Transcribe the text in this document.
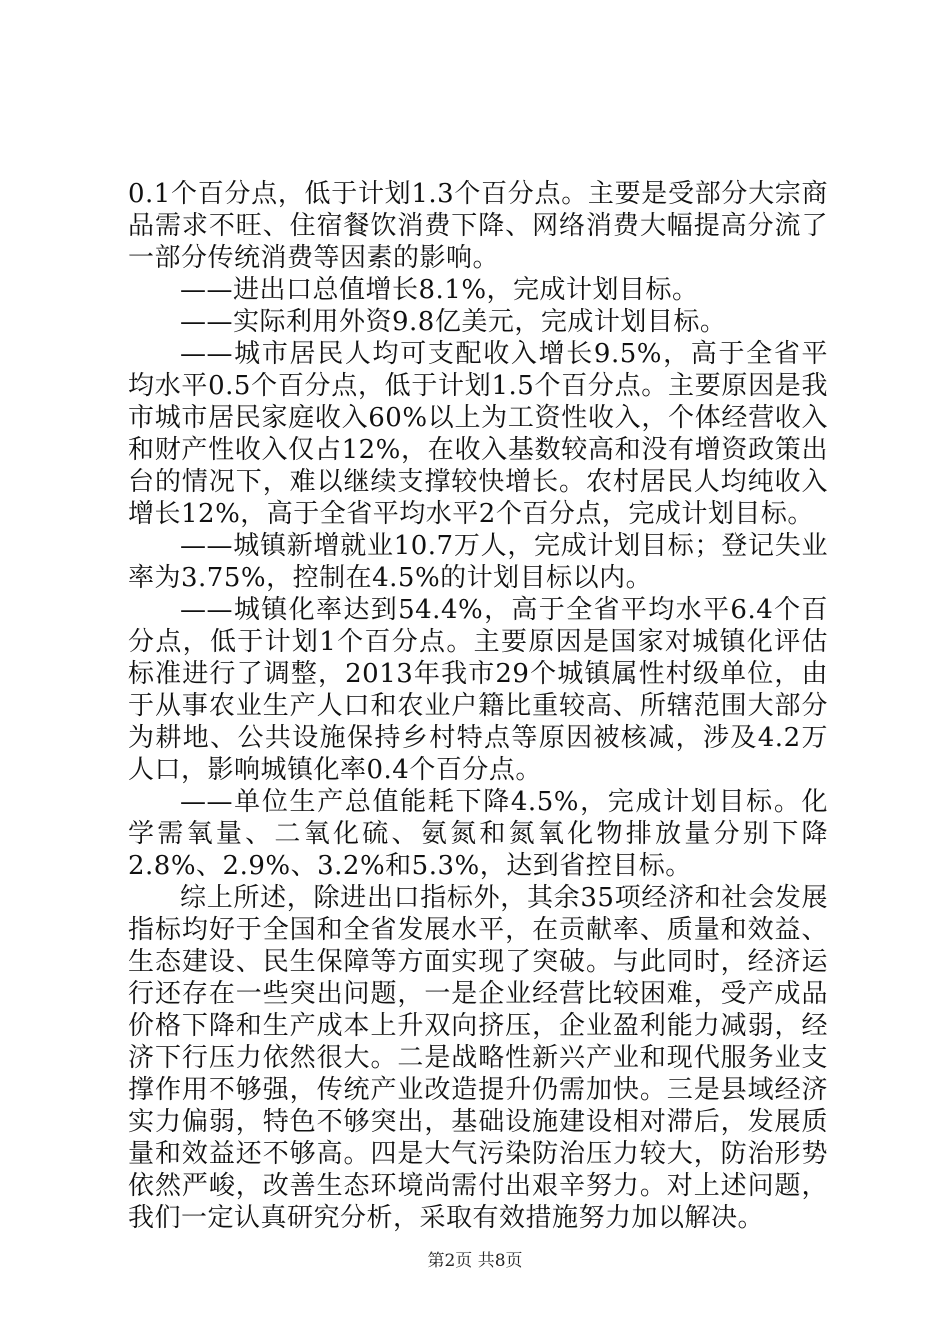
0.1个百分点，低于计划1.3个百分点。主要是受部分大宗商品需求不旺、住宿餐饮消费下降、网络消费大幅提高分流了一部分传统消费等因素的影响。

——进出口总值增长8.1%，完成计划目标。

——实际利用外资9.8亿美元，完成计划目标。

——城市居民人均可支配收入增长9.5%，高于全省平均水平0.5个百分点，低于计划1.5个百分点。主要原因是我市城市居民家庭收入60%以上为工资性收入，个体经营收入和财产性收入仅占12%，在收入基数较高和没有增资政策出台的情况下，难以继续支撑较快增长。农村居民人均纯收入增长12%，高于全省平均水平2个百分点，完成计划目标。

——城镇新增就业10.7万人，完成计划目标；登记失业率为3.75%，控制在4.5%的计划目标以内。

——城镇化率达到54.4%，高于全省平均水平6.4个百分点，低于计划1个百分点。主要原因是国家对城镇化评估标准进行了调整，2013年我市29个城镇属性村级单位，由于从事农业生产人口和农业户籍比重较高、所辖范围大部分为耕地、公共设施保持乡村特点等原因被核减，涉及4.2万人口，影响城镇化率0.4个百分点。

——单位生产总值能耗下降4.5%，完成计划目标。化学需氧量、二氧化硫、氨氮和氮氧化物排放量分别下降2.8%、2.9%、3.2%和5.3%，达到省控目标。

综上所述，除进出口指标外，其余35项经济和社会发展指标均好于全国和全省发展水平，在贡献率、质量和效益、生态建设、民生保障等方面实现了突破。与此同时，经济运行还存在一些突出问题，一是企业经营比较困难，受产成品价格下降和生产成本上升双向挤压，企业盈利能力减弱，经济下行压力依然很大。二是战略性新兴产业和现代服务业支撑作用不够强，传统产业改造提升仍需加快。三是县域经济实力偏弱，特色不够突出，基础设施建设相对滞后，发展质量和效益还不够高。四是大气污染防治压力较大，防治形势依然严峻，改善生态环境尚需付出艰辛努力。对上述问题，我们一定认真研究分析，采取有效措施努力加以解决。

第2页 共8页
